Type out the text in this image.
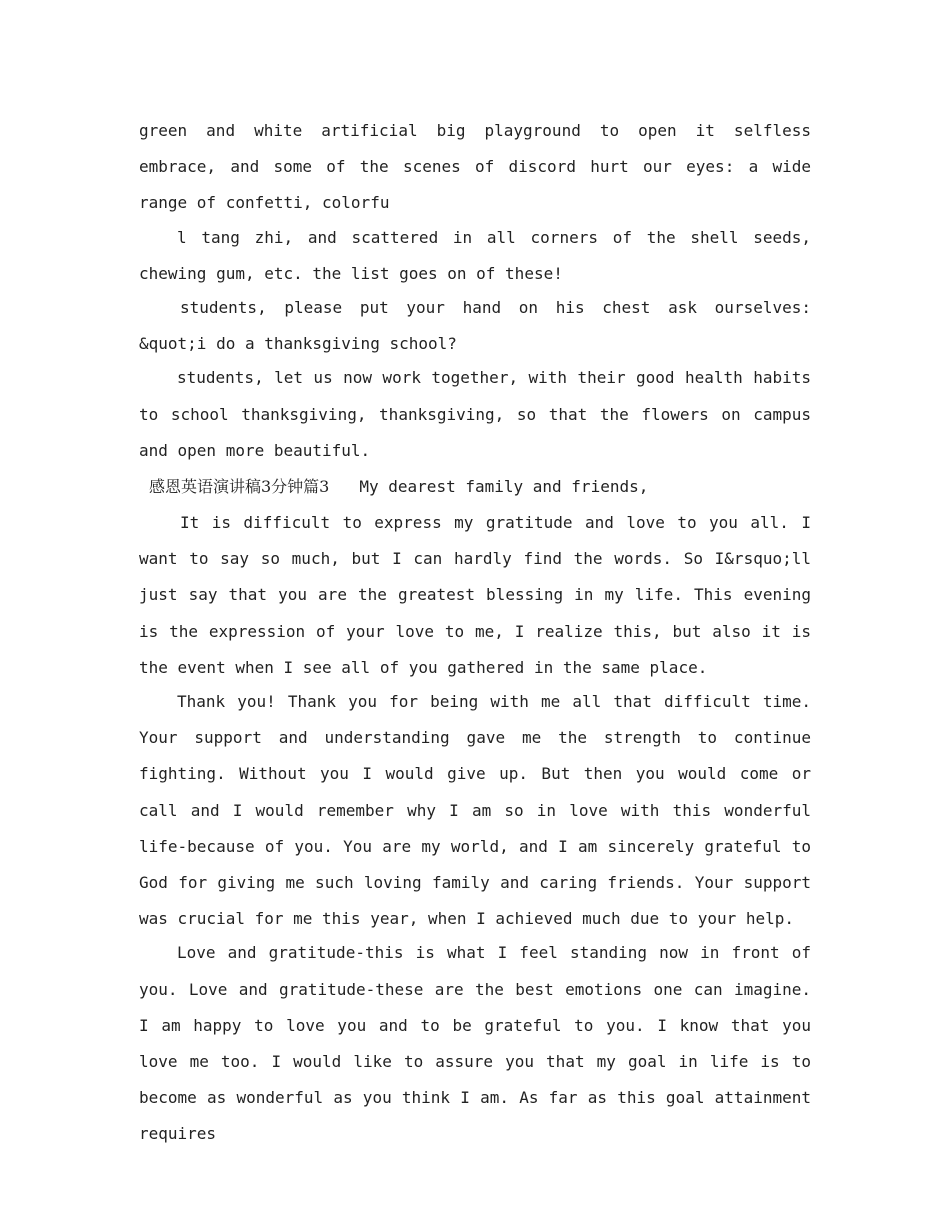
green and white artificial big playground to open it selfless embrace, and some of the scenes of discord hurt our eyes: a wide range of confetti, colorfu

l tang zhi, and scattered in all corners of the shell seeds, chewing gum, etc. the list goes on of these!

students, please put your hand on his chest ask ourselves: &quot;i do a thanksgiving school?

students, let us now work together, with their good health habits to school thanksgiving, thanksgiving, so that the flowers on campus and open more beautiful.

感恩英语演讲稿3分钟篇3 My dearest family and friends,

It is difficult to express my gratitude and love to you all. I want to say so much, but I can hardly find the words. So I&rsquo;ll just say that you are the greatest blessing in my life. This evening is the expression of your love to me, I realize this, but also it is the event when I see all of you gathered in the same place.

Thank you! Thank you for being with me all that difficult time. Your support and understanding gave me the strength to continue fighting. Without you I would give up. But then you would come or call and I would remember why I am so in love with this wonderful life-because of you. You are my world, and I am sincerely grateful to God for giving me such loving family and caring friends. Your support was crucial for me this year, when I achieved much due to your help.

Love and gratitude-this is what I feel standing now in front of you. Love and gratitude-these are the best emotions one can imagine. I am happy to love you and to be grateful to you. I know that you love me too. I would like to assure you that my goal in life is to become as wonderful as you think I am. As far as this goal attainment requires
